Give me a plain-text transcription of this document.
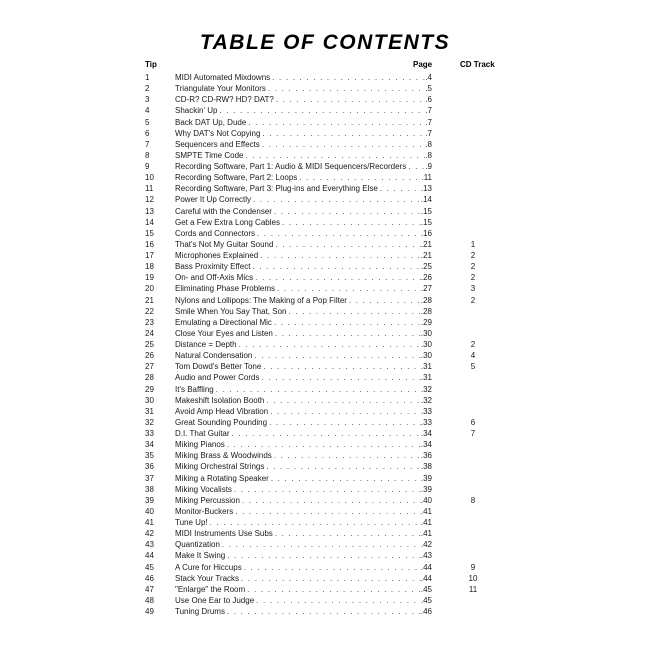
TABLE OF CONTENTS
Tip	Page	CD Track
1	MIDI Automated Mixdowns . . .	.4
2	Triangulate Your Monitors . . .	.5
3	CD-R? CD-RW? HD? DAT? . . .	.6
4	Shackin' Up . . .	.7
5	Back DAT Up, Dude . . .	.7
6	Why DAT's Not Copying . . .	.7
7	Sequencers and Effects . . .	.8
8	SMPTE Time Code . . .	.8
9	Recording Software, Part 1: Audio & MIDI Sequencers/Recorders . . . .9
10	Recording Software, Part 2: Loops . . .	.11
11	Recording Software, Part 3: Plug-ins and Everything Else . . .	.13
12	Power It Up Correctly . . .	.14
13	Careful with the Condenser . . .	.15
14	Get a Few Extra Long Cables . . .	.15
15	Cords and Connectors . . .	.16
16	That's Not My Guitar Sound . . .	.21	1
17	Microphones Explained . . .	.21	2
18	Bass Proximity Effect . . .	.25	2
19	On- and Off-Axis Mics . . .	.26	2
20	Eliminating Phase Problems . . .	.27	3
21	Nylons and Lollipops: The Making of a Pop Filter . . .	.28	2
22	Smile When You Say That, Son . . .	.28
23	Emulating a Directional Mic . . .	.29
24	Close Your Eyes and Listen . . .	.30
25	Distance = Depth . . .	.30	2
26	Natural Condensation . . .	.30	4
27	Tom Dowd's Better Tone . . .	.31	5
28	Audio and Power Cords . . .	.31
29	It's Baffling . . .	.32
30	Makeshift Isolation Booth . . .	.32
31	Avoid Amp Head Vibration . . .	.33
32	Great Sounding Pounding . . .	.33	6
33	D.I. That Guitar . . .	.34	7
34	Miking Pianos . . .	.34
35	Miking Brass & Woodwinds . . .	.36
36	Miking Orchestral Strings . . .	.38
37	Miking a Rotating Speaker . . .	.39
38	Miking Vocalists . . .	.39
39	Miking Percussion . . .	.40	8
40	Monitor-Buckers . . .	.41
41	Tune Up! . . .	.41
42	MIDI Instruments Use Subs . . .	.41
43	Quantization . . .	.42
44	Make It Swing . . .	.43
45	A Cure for Hiccups . . .	.44	9
46	Stack Your Tracks . . .	.44	10
47	"Enlarge" the Room . . .	.45	11
48	Use One Ear to Judge . . .	.45
49	Tuning Drums . . .	.46
